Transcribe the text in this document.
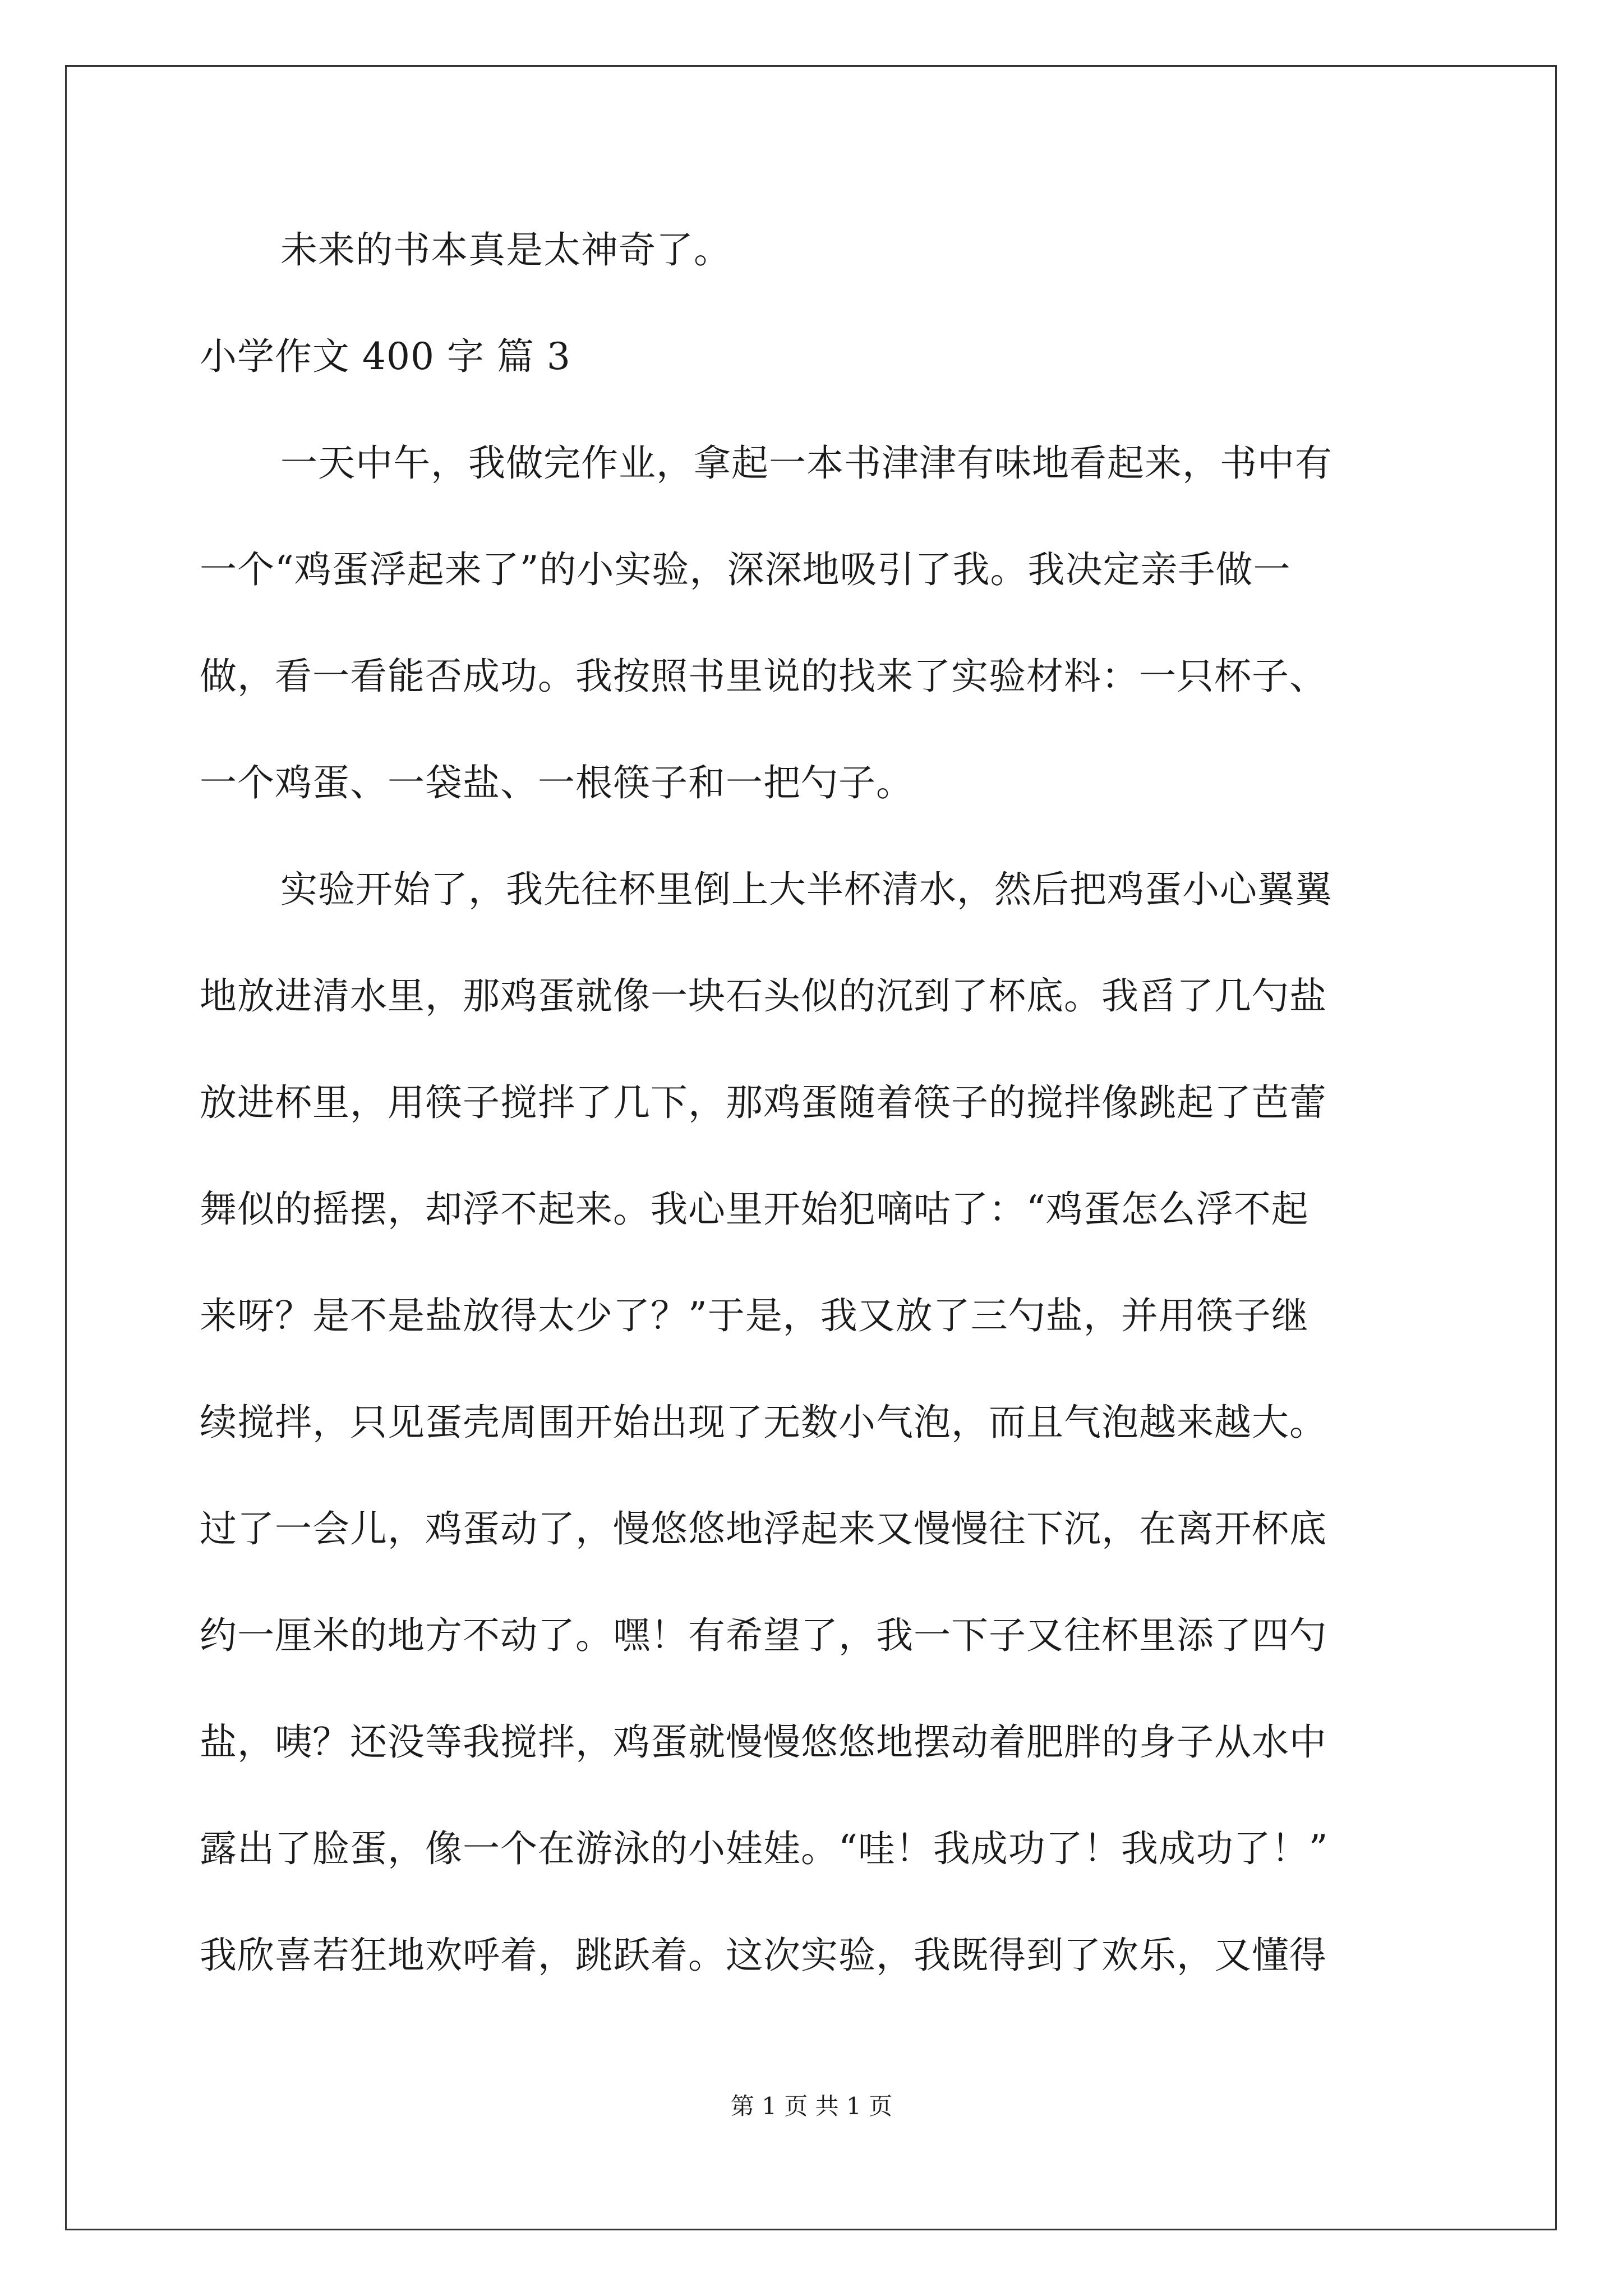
未来的书本真是太神奇了。
小学作文 400 字 篇 3
一天中午，我做完作业，拿起一本书津津有味地看起来，书中有
一个“鸡蛋浮起来了”的小实验，深深地吸引了我。我决定亲手做一
做，看一看能否成功。我按照书里说的找来了实验材料：一只杯子、
一个鸡蛋、一袋盐、一根筷子和一把勺子。
实验开始了，我先往杯里倒上大半杯清水，然后把鸡蛋小心翼翼
地放进清水里，那鸡蛋就像一块石头似的沉到了杯底。我舀了几勺盐
放进杯里，用筷子搅拌了几下，那鸡蛋随着筷子的搅拌像跳起了芭蕾
舞似的摇摆，却浮不起来。我心里开始犯嘀咕了：“鸡蛋怎么浮不起
来呀？是不是盐放得太少了？”于是，我又放了三勺盐，并用筷子继
续搅拌，只见蛋壳周围开始出现了无数小气泡，而且气泡越来越大。
过了一会儿，鸡蛋动了，慢悠悠地浮起来又慢慢往下沉，在离开杯底
约一厘米的地方不动了。嘿！有希望了，我一下子又往杯里添了四勺
盐，咦？还没等我搅拌，鸡蛋就慢慢悠悠地摆动着肥胖的身子从水中
露出了脸蛋，像一个在游泳的小娃娃。“哇！我成功了！我成功了！”
我欣喜若狂地欢呼着，跳跃着。这次实验，我既得到了欢乐，又懂得
第 1 页 共 1 页
